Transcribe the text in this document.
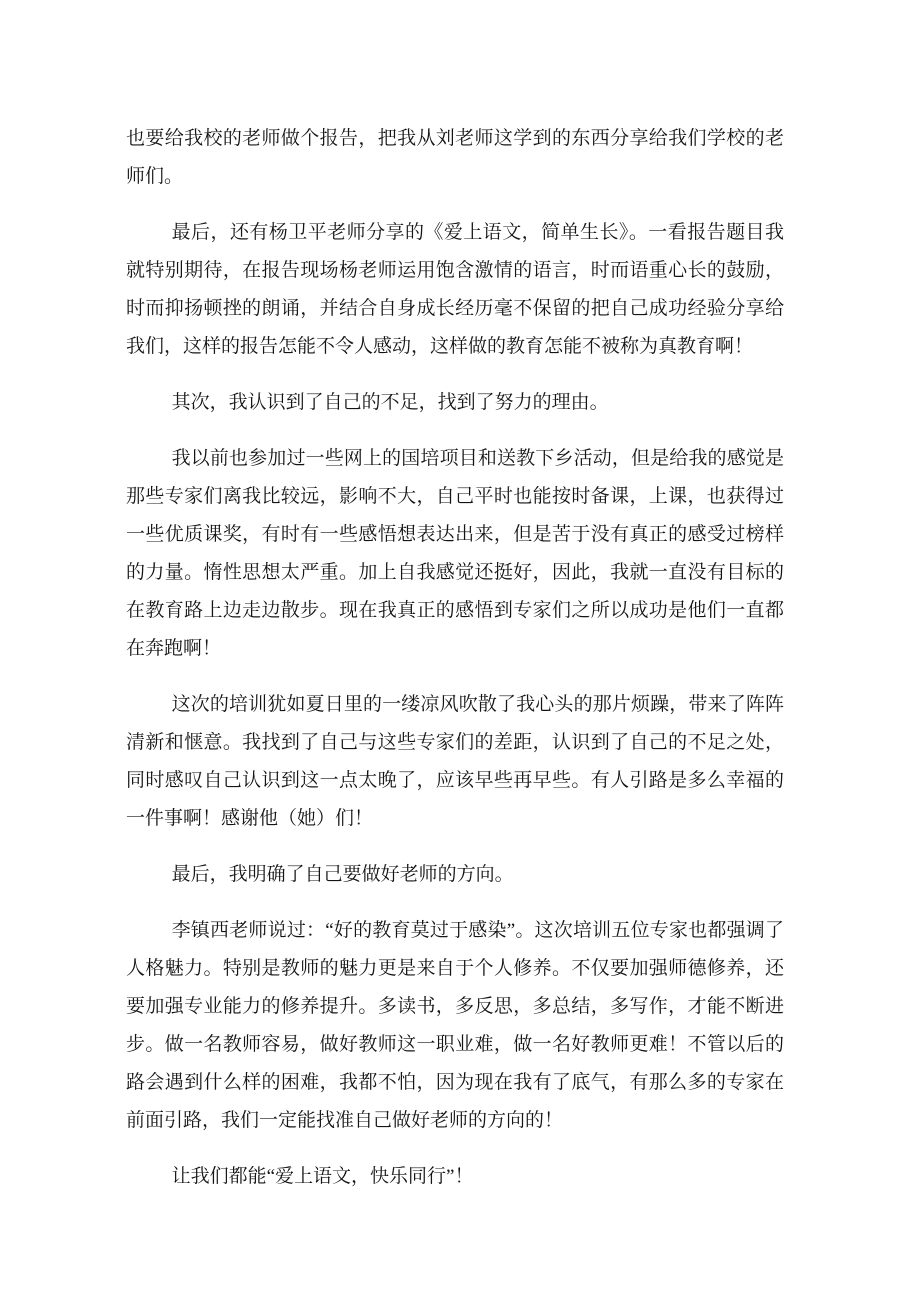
也要给我校的老师做个报告，把我从刘老师这学到的东西分享给我们学校的老师们。

最后，还有杨卫平老师分享的《爱上语文，简单生长》。一看报告题目我就特别期待，在报告现场杨老师运用饱含激情的语言，时而语重心长的鼓励，时而抑扬顿挫的朗诵，并结合自身成长经历毫不保留的把自己成功经验分享给我们，这样的报告怎能不令人感动，这样做的教育怎能不被称为真教育啊！

其次，我认识到了自己的不足，找到了努力的理由。

我以前也参加过一些网上的国培项目和送教下乡活动，但是给我的感觉是那些专家们离我比较远，影响不大，自己平时也能按时备课，上课，也获得过一些优质课奖，有时有一些感悟想表达出来，但是苦于没有真正的感受过榜样的力量。惰性思想太严重。加上自我感觉还挺好，因此，我就一直没有目标的在教育路上边走边散步。现在我真正的感悟到专家们之所以成功是他们一直都在奔跑啊！

这次的培训犹如夏日里的一缕凉风吹散了我心头的那片烦躁，带来了阵阵清新和惬意。我找到了自己与这些专家们的差距，认识到了自己的不足之处，同时感叹自己认识到这一点太晚了，应该早些再早些。有人引路是多么幸福的一件事啊！感谢他（她）们！

最后，我明确了自己要做好老师的方向。

李镇西老师说过：“好的教育莫过于感染”。这次培训五位专家也都强调了人格魅力。特别是教师的魅力更是来自于个人修养。不仅要加强师德修养，还要加强专业能力的修养提升。多读书，多反思，多总结，多写作，才能不断进步。做一名教师容易，做好教师这一职业难，做一名好教师更难！不管以后的路会遇到什么样的困难，我都不怕，因为现在我有了底气，有那么多的专家在前面引路，我们一定能找准自己做好老师的方向的！

让我们都能“爱上语文，快乐同行”！
